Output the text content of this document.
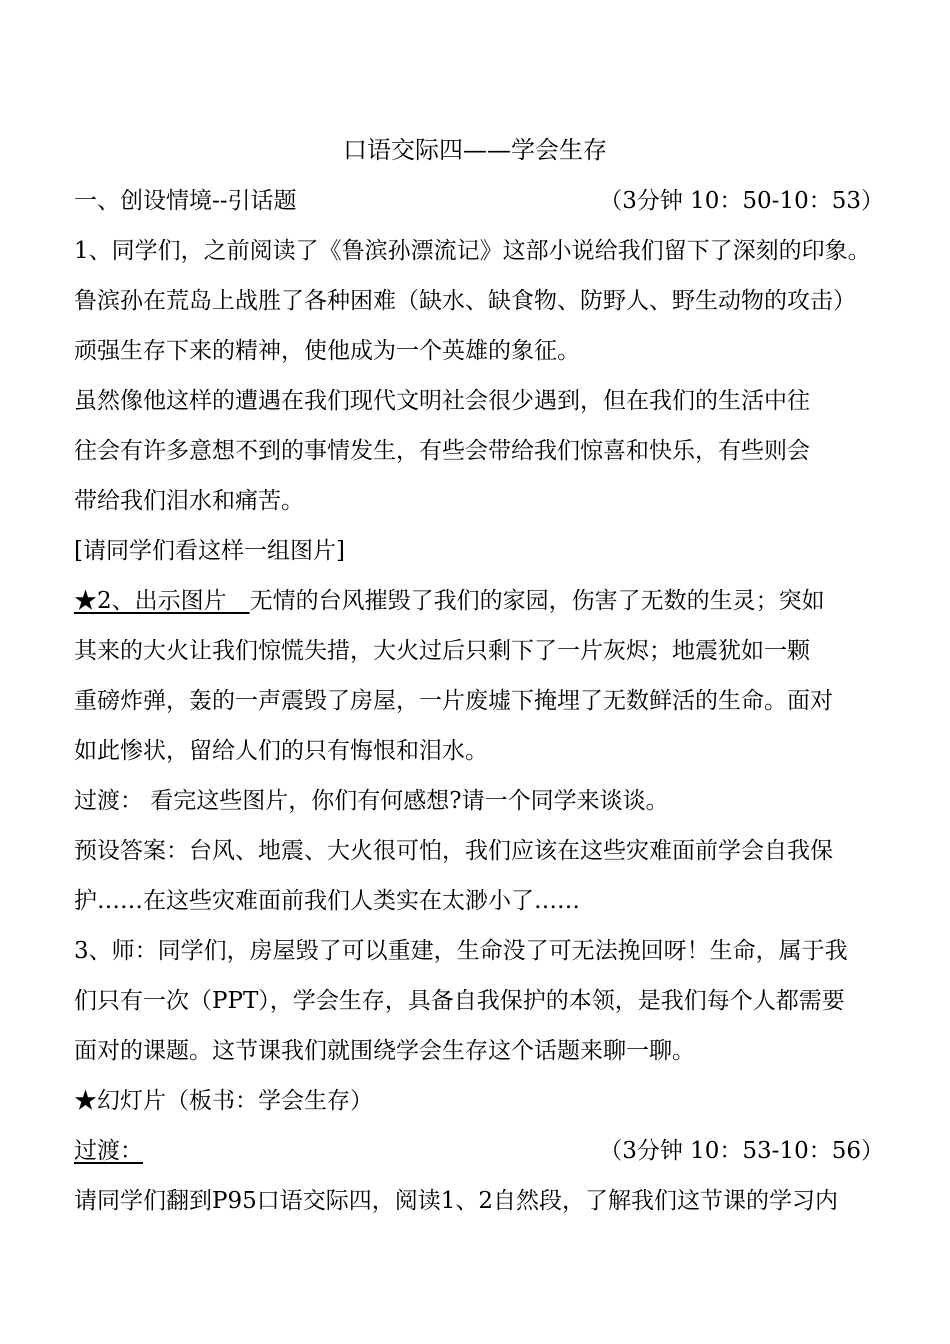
口语交际四——学会生存
一、创设情境--引话题	（3分钟 10：50-10：53）
1、同学们，之前阅读了《鲁滨孙漂流记》这部小说给我们留下了深刻的印象。
鲁滨孙在荒岛上战胜了各种困难（缺水、缺食物、防野人、野生动物的攻击）
顽强生存下来的精神，使他成为一个英雄的象征。
虽然像他这样的遭遇在我们现代文明社会很少遇到，但在我们的生活中往
往会有许多意想不到的事情发生，有些会带给我们惊喜和快乐，有些则会
带给我们泪水和痛苦。
[请同学们看这样一组图片]
★2、出示图片  无情的台风摧毁了我们的家园，伤害了无数的生灵；突如
其来的大火让我们惊慌失措，大火过后只剩下了一片灰烬；地震犹如一颗
重磅炸弹，轰的一声震毁了房屋，一片废墟下掩埋了无数鲜活的生命。面对
如此惨状，留给人们的只有悔恨和泪水。
过渡： 看完这些图片，你们有何感想?请一个同学来谈谈。
预设答案：台风、地震、大火很可怕，我们应该在这些灾难面前学会自我保
护……在这些灾难面前我们人类实在太渺小了……
3、师：同学们，房屋毁了可以重建，生命没了可无法挽回呀！生命，属于我
们只有一次（PPT），学会生存，具备自我保护的本领，是我们每个人都需要
面对的课题。这节课我们就围绕学会生存这个话题来聊一聊。
★幻灯片（板书：学会生存）
过渡：	（3分钟 10：53-10：56）
请同学们翻到P95口语交际四，阅读1、2自然段，了解我们这节课的学习内
